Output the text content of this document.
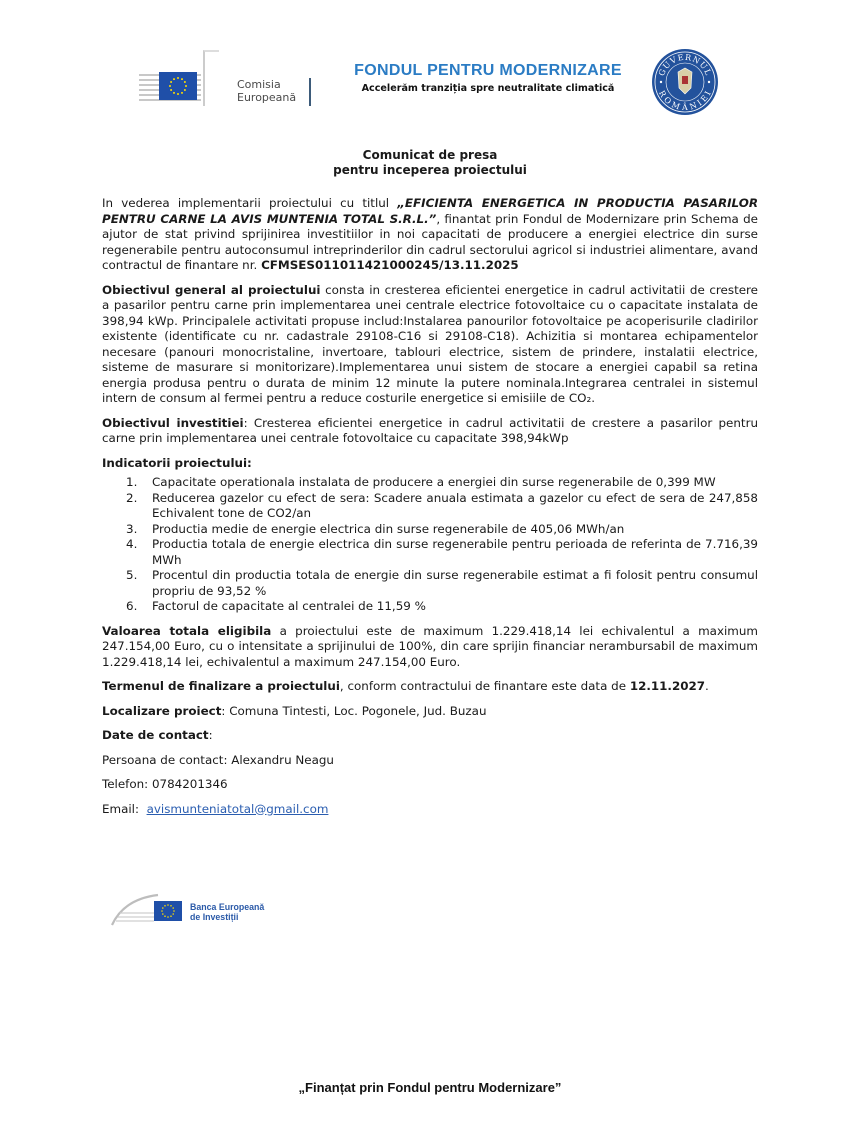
Comisia
Europeană
FONDUL PENTRU MODERNIZARE
Accelerăm tranziția spre neutralitate climatică
GUVERNUL
ROMÂNIEI
Comunicat de presa
pentru inceperea proiectului

In vederea implementarii proiectului cu titlul „EFICIENTA ENERGETICA IN PRODUCTIA PASARILOR PENTRU CARNE LA AVIS MUNTENIA TOTAL S.R.L.”, finantat prin Fondul de Modernizare prin Schema de ajutor de stat privind sprijinirea investitiilor in noi capacitati de producere a energiei electrice din surse regenerabile pentru autoconsumul intreprinderilor din cadrul sectorului agricol si industriei alimentare, avand contractul de finantare nr. CFMSES011011421000245/13.11.2025

Obiectivul general al proiectului consta in cresterea eficientei energetice in cadrul activitatii de crestere a pasarilor pentru carne prin implementarea unei centrale electrice fotovoltaice cu o capacitate instalata de 398,94 kWp. Principalele activitati propuse includ:Instalarea panourilor fotovoltaice pe acoperisurile cladirilor existente (identificate cu nr. cadastrale 29108-C16 si 29108-C18). Achizitia si montarea echipamentelor necesare (panouri monocristaline, invertoare, tablouri electrice, sistem de prindere, instalatii electrice, sisteme de masurare si monitorizare).Implementarea unui sistem de stocare a energiei capabil sa retina energia produsa pentru o durata de minim 12 minute la putere nominala.Integrarea centralei in sistemul intern de consum al fermei pentru a reduce costurile energetice si emisiile de CO₂.

Obiectivul investitiei: Cresterea eficientei energetice in cadrul activitatii de crestere a pasarilor pentru carne prin implementarea unei centrale fotovoltaice cu capacitate 398,94kWp

Indicatorii proiectului:

1. Capacitate operationala instalata de producere a energiei din surse regenerabile de 0,399 MW
2. Reducerea gazelor cu efect de sera: Scadere anuala estimata a gazelor cu efect de sera de 247,858 Echivalent tone de CO2/an
3. Productia medie de energie electrica din surse regenerabile de 405,06 MWh/an
4. Productia totala de energie electrica din surse regenerabile pentru perioada de referinta de 7.716,39 MWh
5. Procentul din productia totala de energie din surse regenerabile estimat a fi folosit pentru consumul propriu de 93,52 %
6. Factorul de capacitate al centralei de 11,59 %

Valoarea totala eligibila a proiectului este de maximum 1.229.418,14 lei echivalentul a maximum 247.154,00 Euro, cu o intensitate a sprijinului de 100%, din care sprijin financiar nerambursabil de maximum 1.229.418,14 lei, echivalentul a maximum 247.154,00 Euro.

Termenul de finalizare a proiectului, conform contractului de finantare este data de 12.11.2027.

Localizare proiect: Comuna Tintesti, Loc. Pogonele, Jud. Buzau

Date de contact:

Persoana de contact: Alexandru Neagu

Telefon: 0784201346

Email:  avismunteniatotal@gmail.com

Banca Europeană
de Investiții
„Finanțat prin Fondul pentru Modernizare”
